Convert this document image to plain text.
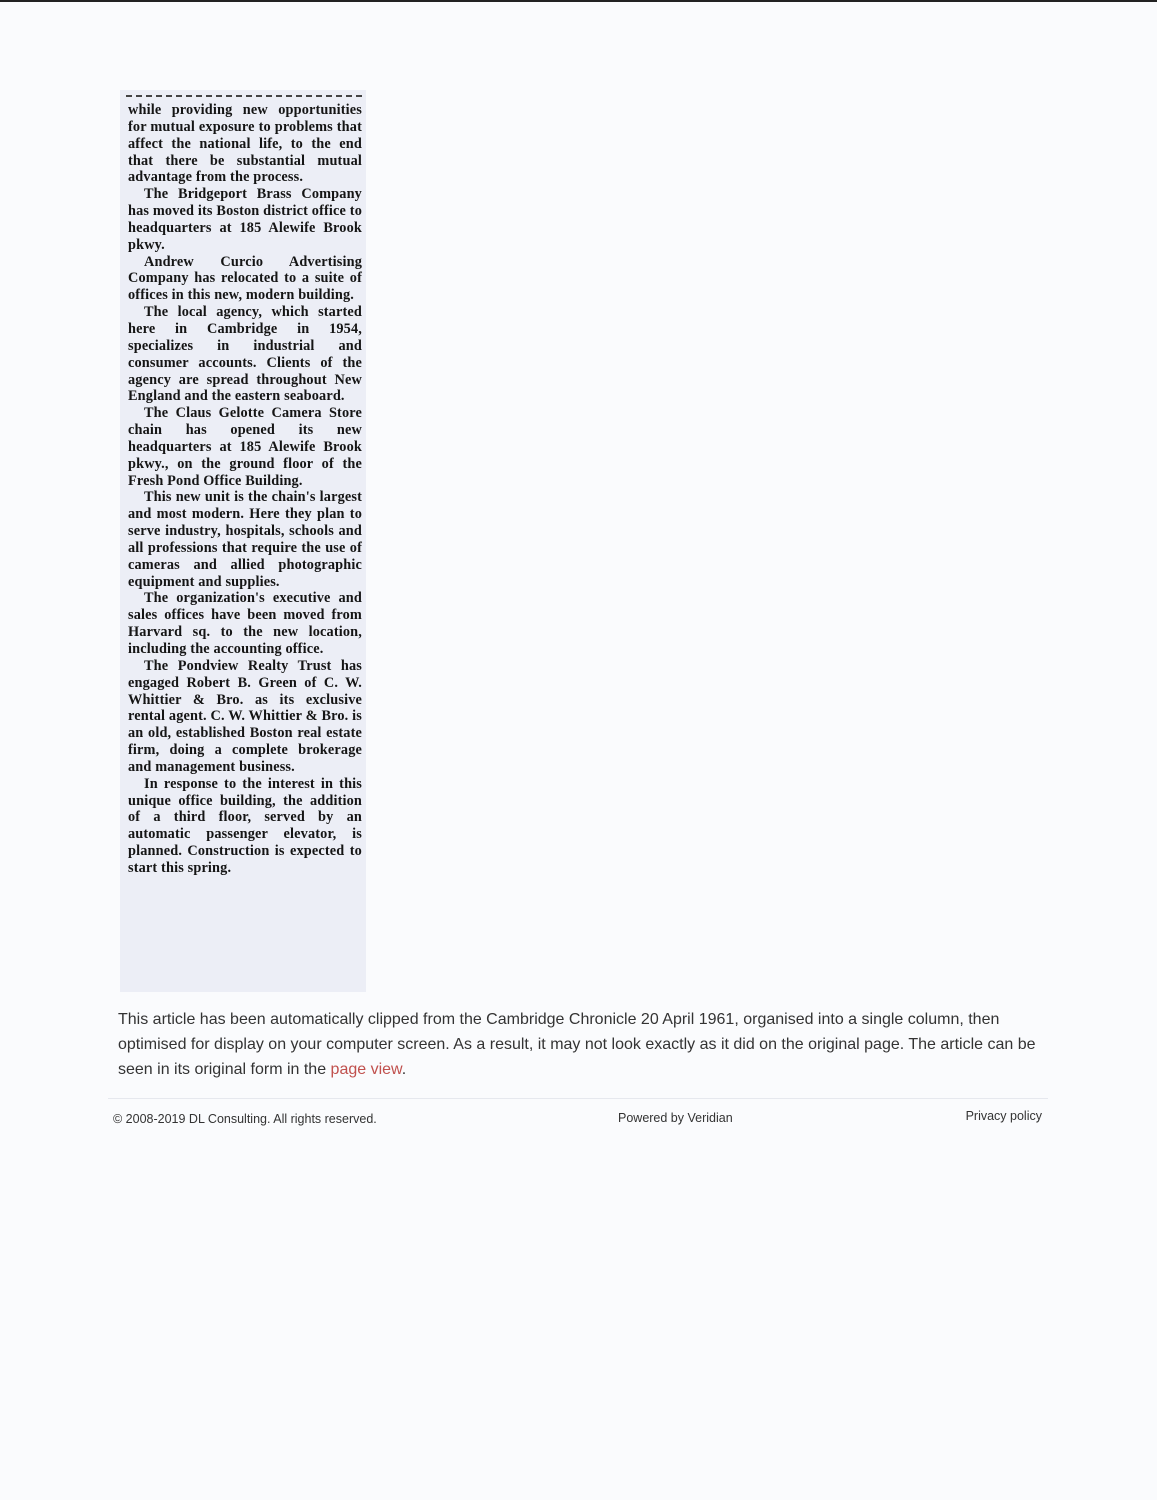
while providing new opportunities for mutual exposure to problems that affect the national life, to the end that there be substantial mutual advantage from the process.

The Bridgeport Brass Company has moved its Boston district office to headquarters at 185 Alewife Brook pkwy.

Andrew Curcio Advertising Company has relocated to a suite of offices in this new, modern building.

The local agency, which started here in Cambridge in 1954, specializes in industrial and consumer accounts. Clients of the agency are spread throughout New England and the eastern seaboard.

The Claus Gelotte Camera Store chain has opened its new headquarters at 185 Alewife Brook pkwy., on the ground floor of the Fresh Pond Office Building.

This new unit is the chain's largest and most modern. Here they plan to serve industry, hospitals, schools and all professions that require the use of cameras and allied photographic equipment and supplies.

The organization's executive and sales offices have been moved from Harvard sq. to the new location, including the accounting office.

The Pondview Realty Trust has engaged Robert B. Green of C. W. Whittier & Bro. as its exclusive rental agent. C. W. Whittier & Bro. is an old, established Boston real estate firm, doing a complete brokerage and management business.

In response to the interest in this unique office building, the addition of a third floor, served by an automatic passenger elevator, is planned. Construction is expected to start this spring.

This article has been automatically clipped from the Cambridge Chronicle 20 April 1961, organised into a single column, then optimised for display on your computer screen. As a result, it may not look exactly as it did on the original page. The article can be seen in its original form in the page view.
© 2008-2019 DL Consulting. All rights reserved.	Powered by Veridian	Privacy policy
